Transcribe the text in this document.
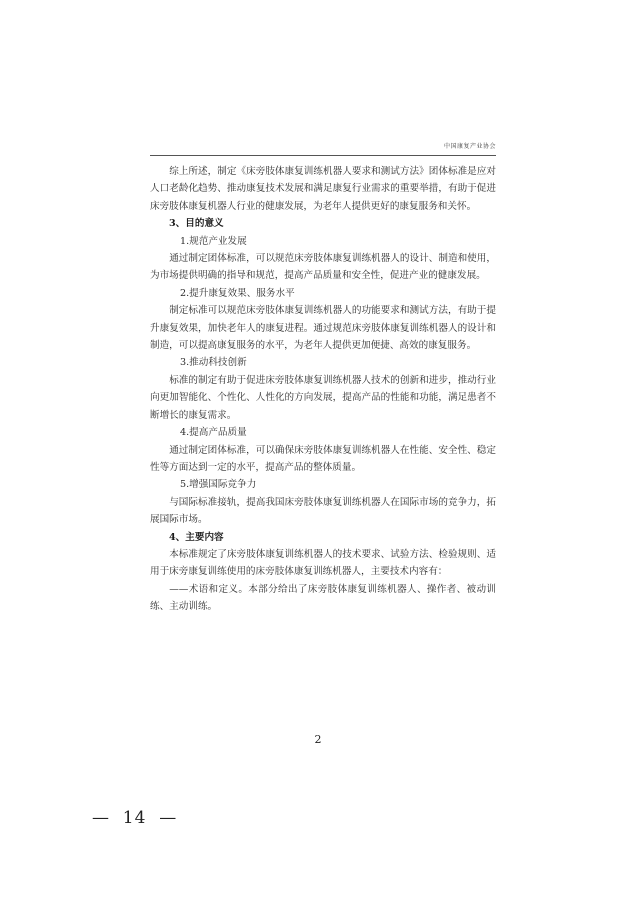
中国康复产业协会

综上所述，制定《床旁肢体康复训练机器人要求和测试方法》团体标准是应对人口老龄化趋势、推动康复技术发展和满足康复行业需求的重要举措，有助于促进床旁肢体康复机器人行业的健康发展，为老年人提供更好的康复服务和关怀。

3、目的意义

1.规范产业发展

通过制定团体标准，可以规范床旁肢体康复训练机器人的设计、制造和使用，为市场提供明确的指导和规范，提高产品质量和安全性，促进产业的健康发展。

2.提升康复效果、服务水平

制定标准可以规范床旁肢体康复训练机器人的功能要求和测试方法，有助于提升康复效果，加快老年人的康复进程。通过规范床旁肢体康复训练机器人的设计和制造，可以提高康复服务的水平，为老年人提供更加便捷、高效的康复服务。

3.推动科技创新

标准的制定有助于促进床旁肢体康复训练机器人技术的创新和进步，推动行业向更加智能化、个性化、人性化的方向发展，提高产品的性能和功能，满足患者不断增长的康复需求。

4.提高产品质量

通过制定团体标准，可以确保床旁肢体康复训练机器人在性能、安全性、稳定性等方面达到一定的水平，提高产品的整体质量。

5.增强国际竞争力

与国际标准接轨，提高我国床旁肢体康复训练机器人在国际市场的竞争力，拓展国际市场。

4、主要内容

本标准规定了床旁肢体康复训练机器人的技术要求、试验方法、检验规则、适用于床旁康复训练使用的床旁肢体康复训练机器人，主要技术内容有：

——术语和定义。本部分给出了床旁肢体康复训练机器人、操作者、被动训练、主动训练。

2
—  14  —
